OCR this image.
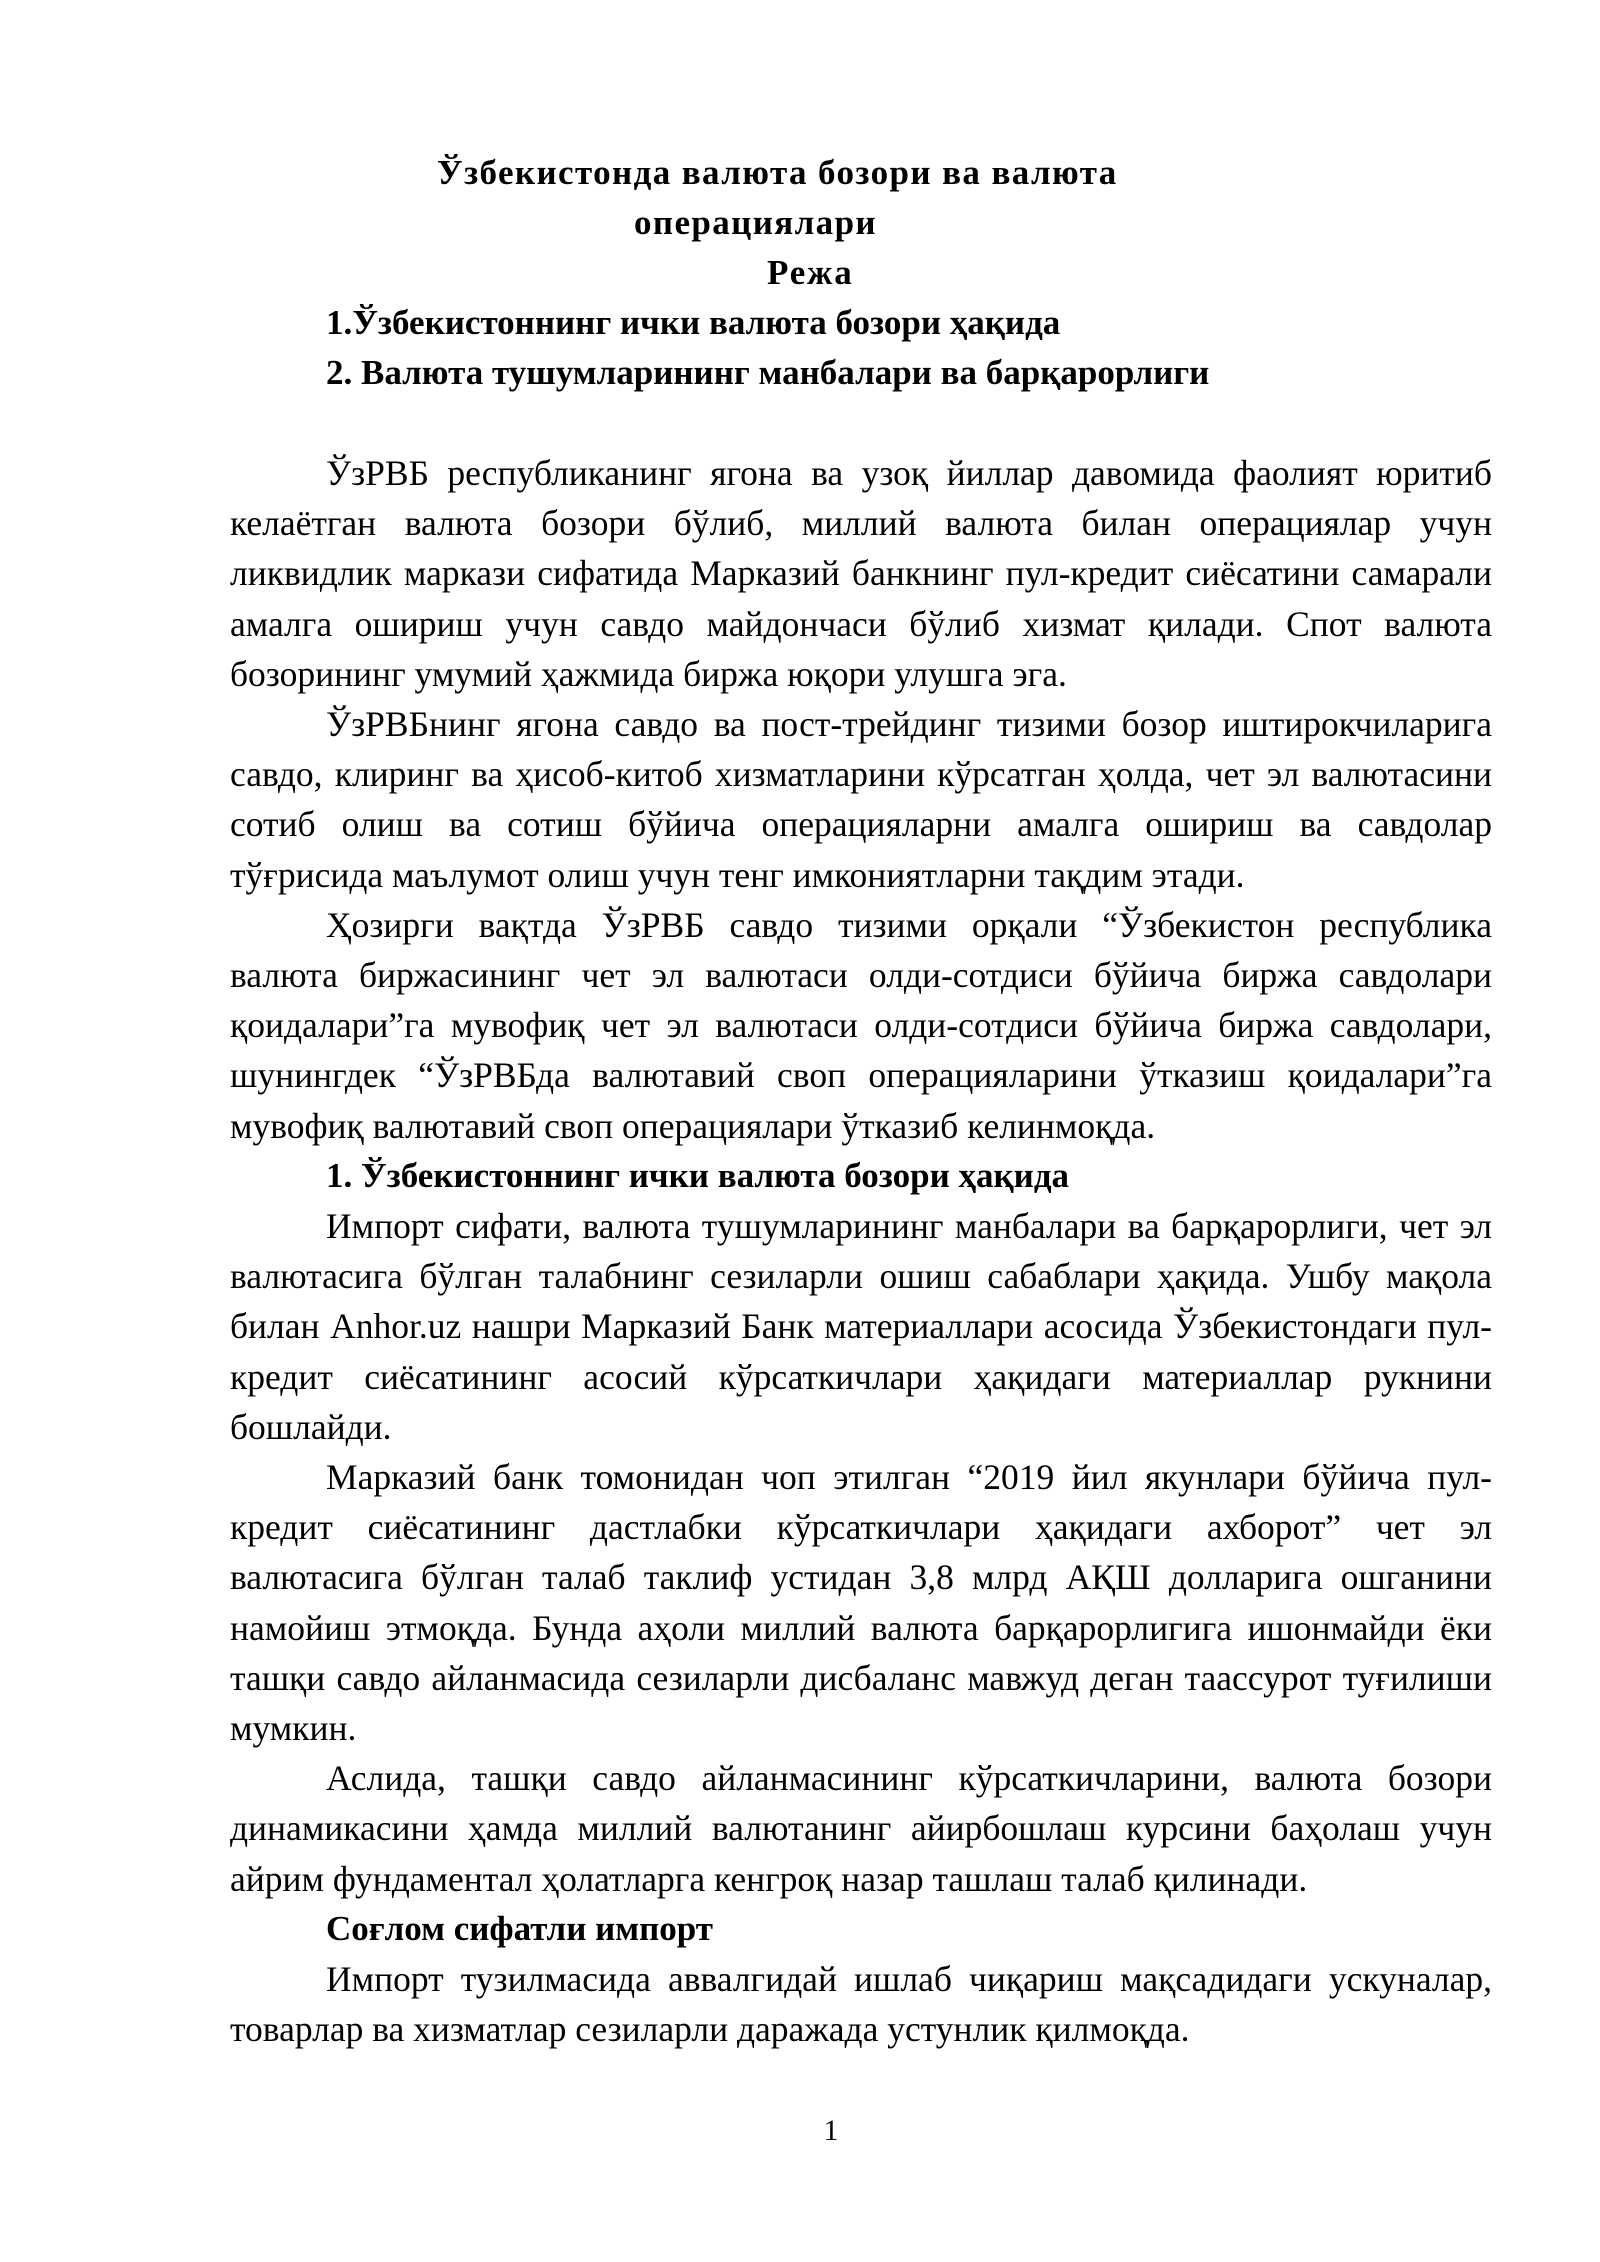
Ўзбекистонда валюта бозори ва валюта

операциялари

Режа

1.Ўзбекистоннинг ички валюта бозори ҳақида

2. Валюта тушумларининг манбалари ва барқарорлиги

ЎзРВБ республиканинг ягона ва узоқ йиллар давомида фаолият юритиб келаётган валюта бозори бўлиб, миллий валюта билан операциялар учун ликвидлик маркази сифатида Марказий банкнинг пул-кредит сиёсатини самарали амалга ошириш учун савдо майдончаси бўлиб хизмат қилади. Спот валюта бозорининг умумий ҳажмида биржа юқори улушга эга.

ЎзРВБнинг ягона савдо ва пост-трейдинг тизими бозор иштирокчиларига савдо, клиринг ва ҳисоб-китоб хизматларини кўрсатган ҳолда, чет эл валютасини сотиб олиш ва сотиш бўйича операцияларни амалга ошириш ва савдолар тўғрисида маълумот олиш учун тенг имкониятларни тақдим этади.

Ҳозирги вақтда ЎзРВБ савдо тизими орқали “Ўзбекистон республика валюта биржасининг чет эл валютаси олди-сотдиси бўйича биржа савдолари қоидалари”га мувофиқ чет эл валютаси олди-сотдиси бўйича биржа савдолари, шунингдек “ЎзРВБда валютавий своп операцияларини ўтказиш қоидалари”га мувофиқ валютавий своп операциялари ўтказиб келинмоқда.

1. Ўзбекистоннинг ички валюта бозори ҳақида

Импорт сифати, валюта тушумларининг манбалари ва барқарорлиги, чет эл валютасига бўлган талабнинг сезиларли ошиш сабаблари ҳақида. Ушбу мақола билан Anhor.uz нашри Марказий Банк материаллари асосида Ўзбекистондаги пул-кредит сиёсатининг асосий кўрсаткичлари ҳақидаги материаллар рукнини бошлайди.

Марказий банк томонидан чоп этилган “2019 йил якунлари бўйича пул-кредит сиёсатининг дастлабки кўрсаткичлари ҳақидаги ахборот” чет эл валютасига бўлган талаб таклиф устидан 3,8 млрд АҚШ долларига ошганини намойиш этмоқда. Бунда аҳоли миллий валюта барқарорлигига ишонмайди ёки ташқи савдо айланмасида сезиларли дисбаланс мавжуд деган таассурот туғилиши мумкин.

Аслида, ташқи савдо айланмасининг кўрсаткичларини, валюта бозори динамикасини ҳамда миллий валютанинг айирбошлаш курсини баҳолаш учун айрим фундаментал ҳолатларга кенгроқ назар ташлаш талаб қилинади.

Соғлом сифатли импорт

Импорт тузилмасида аввалгидай ишлаб чиқариш мақсадидаги ускуналар, товарлар ва хизматлар сезиларли даражада устунлик қилмоқда.

1
